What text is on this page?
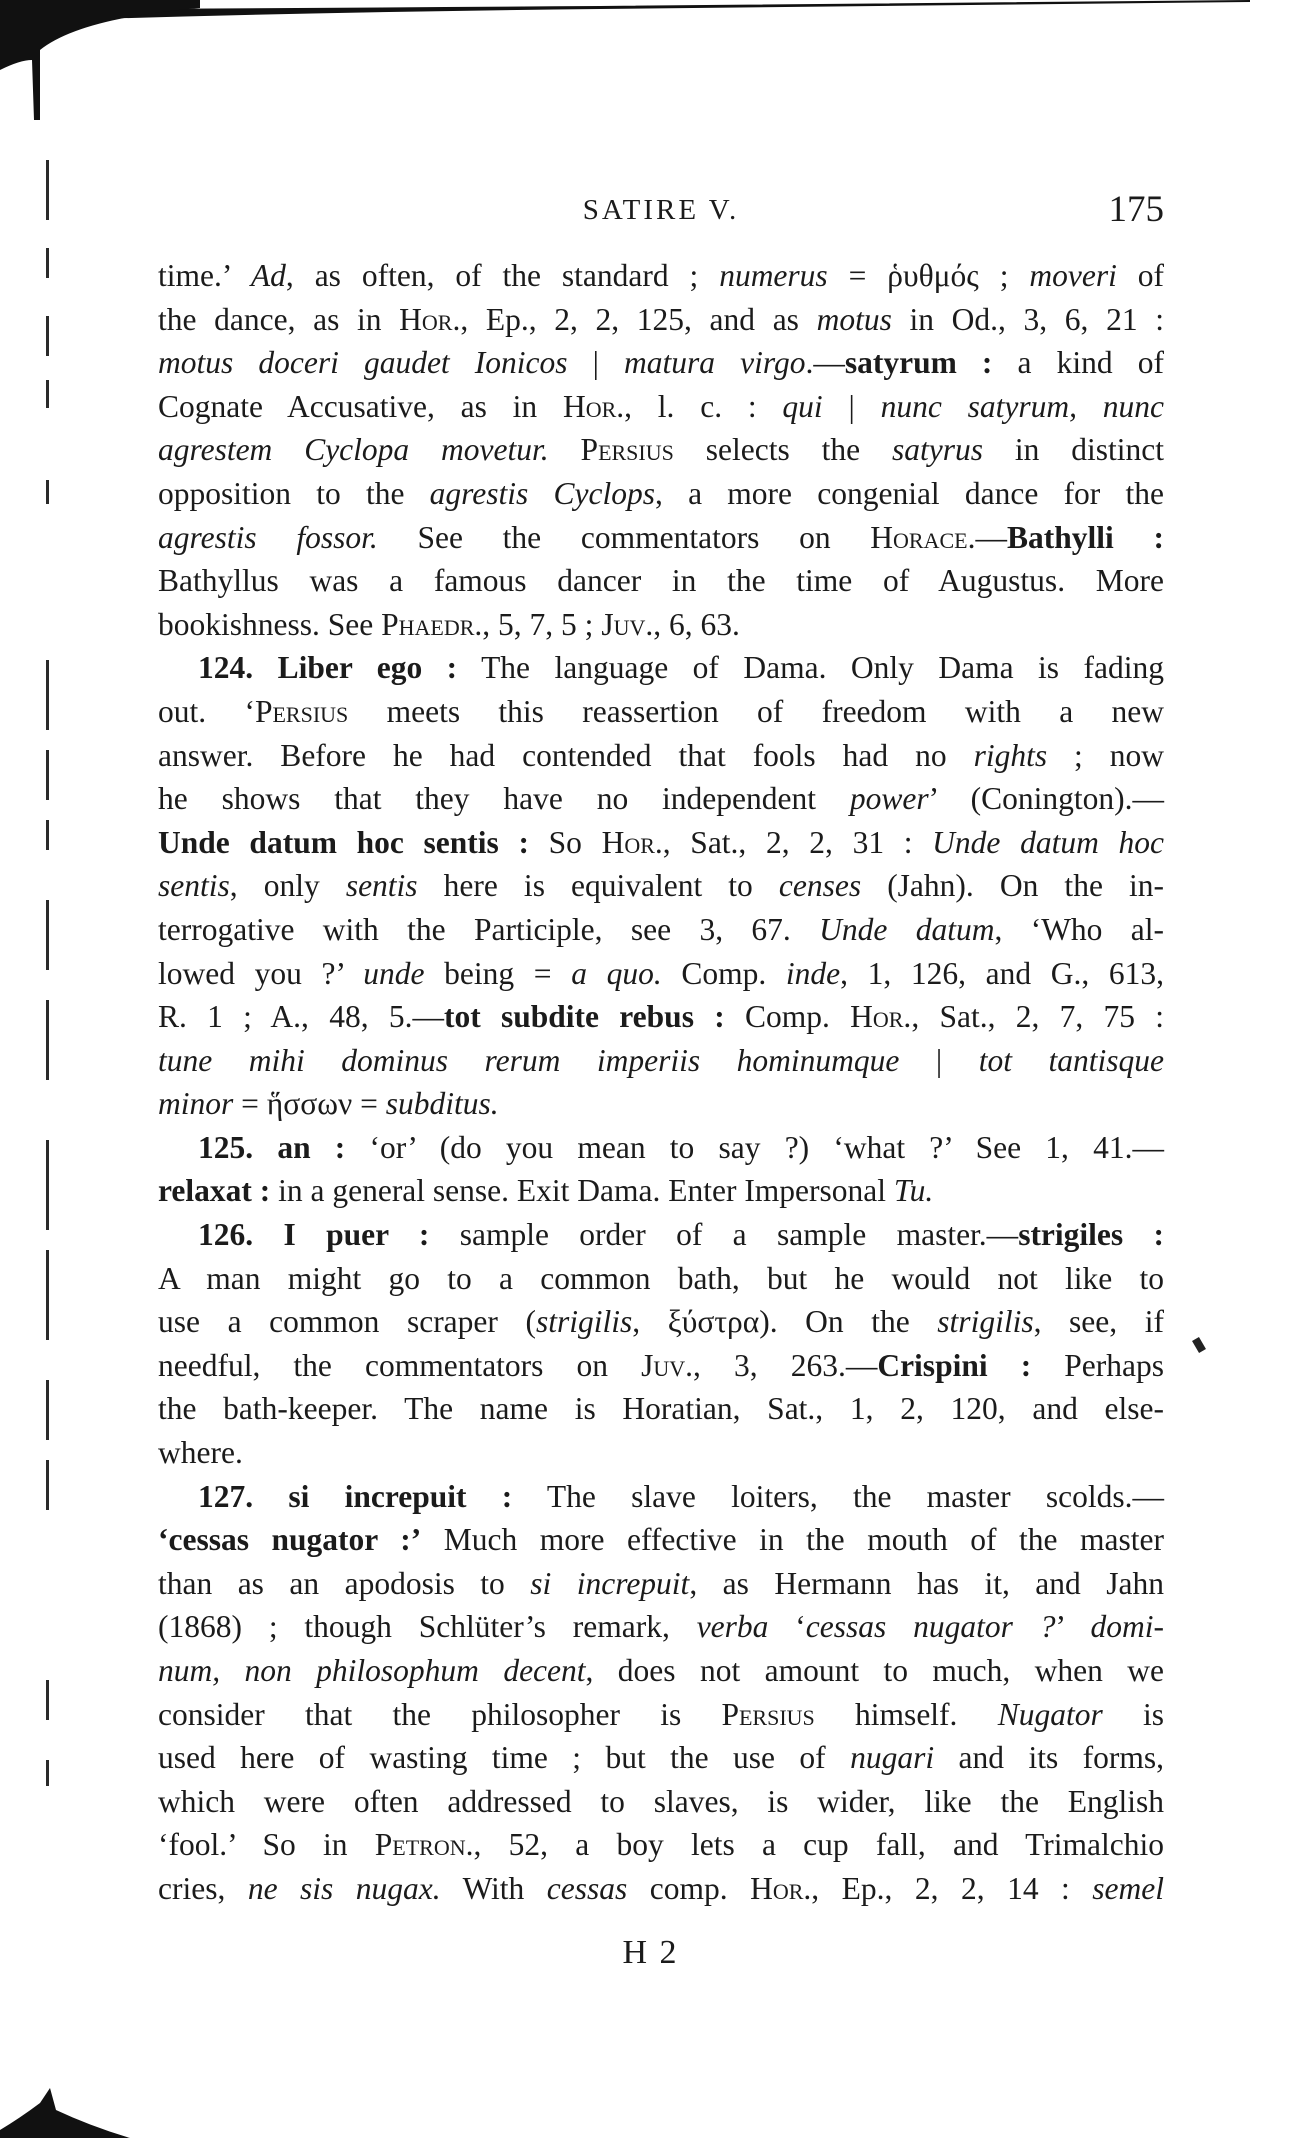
SATIRE V.	175
time.’ Ad, as often, of the standard ; numerus = ῥυθμός ; moveri of
the dance, as in Hor., Ep., 2, 2, 125, and as motus in Od., 3, 6, 21 :
motus doceri gaudet Ionicos | matura virgo.—satyrum : a kind of
Cognate Accusative, as in Hor., l. c. : qui | nunc satyrum, nunc
agrestem Cyclopa movetur. Persius selects the satyrus in distinct
opposition to the agrestis Cyclops, a more congenial dance for the
agrestis fossor. See the commentators on Horace.—Bathylli :
Bathyllus was a famous dancer in the time of Augustus. More
bookishness. See Phaedr., 5, 7, 5 ; Juv., 6, 63.
124. Liber ego : The language of Dama. Only Dama is fading
out. ‘Persius meets this reassertion of freedom with a new
answer. Before he had contended that fools had no rights ; now
he shows that they have no independent power’ (Conington).—
Unde datum hoc sentis : So Hor., Sat., 2, 2, 31 : Unde datum hoc
sentis, only sentis here is equivalent to censes (Jahn). On the in-
terrogative with the Participle, see 3, 67. Unde datum, ‘Who al-
lowed you ?’ unde being = a quo. Comp. inde, 1, 126, and G., 613,
R. 1 ; A., 48, 5.—tot subdite rebus : Comp. Hor., Sat., 2, 7, 75 :
tune mihi dominus rerum imperiis hominumque | tot tantisque
minor = ἥσσων = subditus.
125. an : ‘or’ (do you mean to say ?) ‘what ?’ See 1, 41.—
relaxat : in a general sense. Exit Dama. Enter Impersonal Tu.
126. I puer : sample order of a sample master.—strigiles :
A man might go to a common bath, but he would not like to
use a common scraper (strigilis, ξύστρα). On the strigilis, see, if
needful, the commentators on Juv., 3, 263.—Crispini : Perhaps
the bath-keeper. The name is Horatian, Sat., 1, 2, 120, and else-
where.
127. si increpuit : The slave loiters, the master scolds.—
‘cessas nugator :’ Much more effective in the mouth of the master
than as an apodosis to si increpuit, as Hermann has it, and Jahn
(1868) ; though Schlüter’s remark, verba ‘cessas nugator ?’ domi-
num, non philosophum decent, does not amount to much, when we
consider that the philosopher is Persius himself. Nugator is
used here of wasting time ; but the use of nugari and its forms,
which were often addressed to slaves, is wider, like the English
‘fool.’ So in Petron., 52, a boy lets a cup fall, and Trimalchio
cries, ne sis nugax. With cessas comp. Hor., Ep., 2, 2, 14 : semel
H 2
